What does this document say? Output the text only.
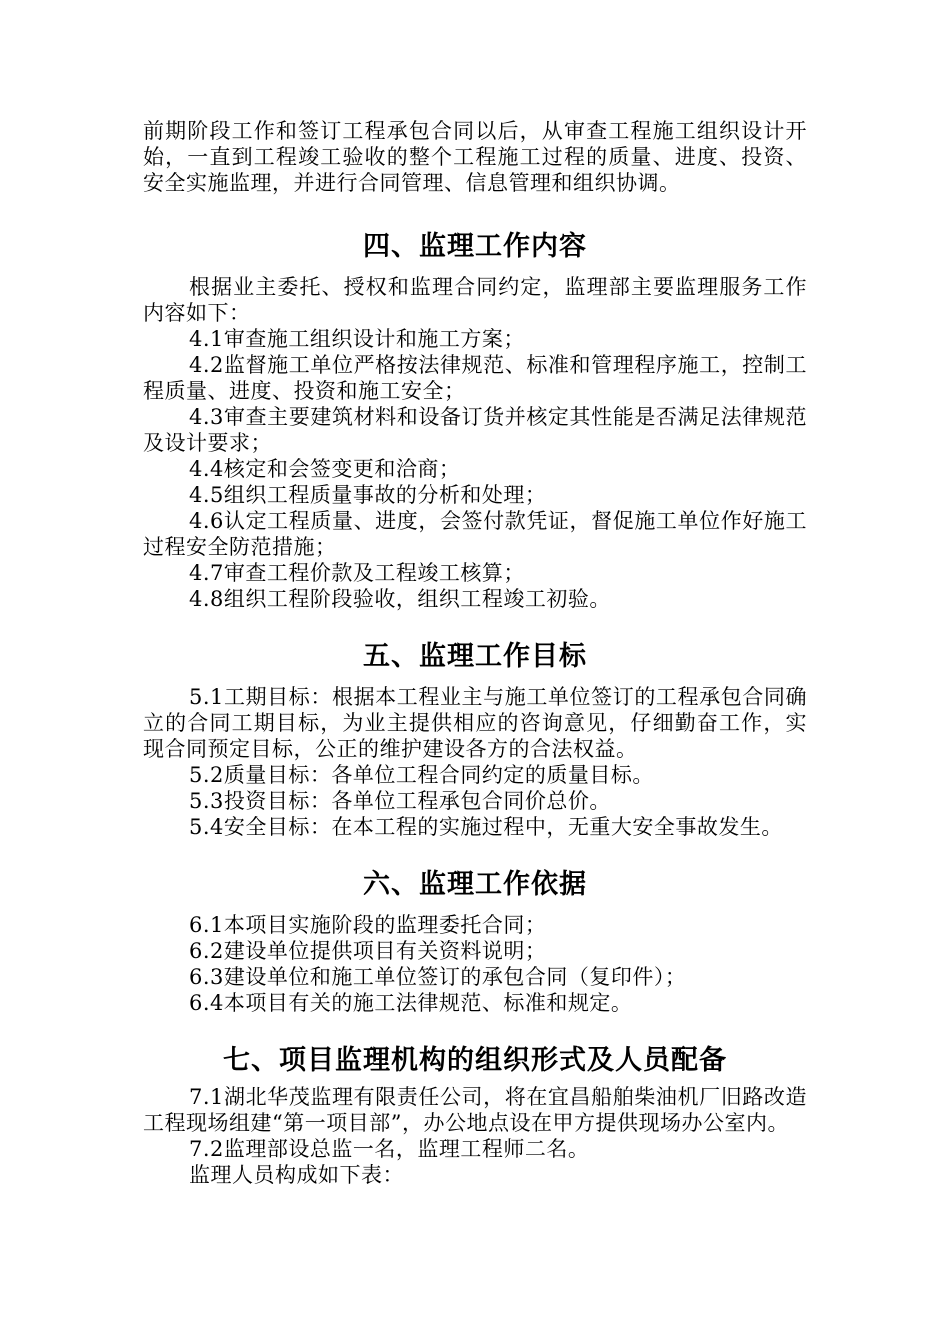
前期阶段工作和签订工程承包合同以后，从审查工程施工组织设计开始，一直到工程竣工验收的整个工程施工过程的质量、进度、投资、安全实施监理，并进行合同管理、信息管理和组织协调。

四、监理工作内容

根据业主委托、授权和监理合同约定，监理部主要监理服务工作内容如下：

4.1审查施工组织设计和施工方案；

4.2监督施工单位严格按法律规范、标准和管理程序施工，控制工程质量、进度、投资和施工安全；

4.3审查主要建筑材料和设备订货并核定其性能是否满足法律规范及设计要求；

4.4核定和会签变更和洽商；

4.5组织工程质量事故的分析和处理；

4.6认定工程质量、进度，会签付款凭证，督促施工单位作好施工过程安全防范措施；

4.7审查工程价款及工程竣工核算；

4.8组织工程阶段验收，组织工程竣工初验。

五、监理工作目标

5.1工期目标：根据本工程业主与施工单位签订的工程承包合同确立的合同工期目标，为业主提供相应的咨询意见，仔细勤奋工作，实现合同预定目标，公正的维护建设各方的合法权益。

5.2质量目标：各单位工程合同约定的质量目标。

5.3投资目标：各单位工程承包合同价总价。

5.4安全目标：在本工程的实施过程中，无重大安全事故发生。

六、监理工作依据

6.1本项目实施阶段的监理委托合同；

6.2建设单位提供项目有关资料说明；

6.3建设单位和施工单位签订的承包合同（复印件）；

6.4本项目有关的施工法律规范、标准和规定。

七、项目监理机构的组织形式及人员配备

7.1湖北华茂监理有限责任公司，将在宜昌船舶柴油机厂旧路改造工程现场组建“第一项目部”，办公地点设在甲方提供现场办公室内。

7.2监理部设总监一名，监理工程师二名。

监理人员构成如下表：
